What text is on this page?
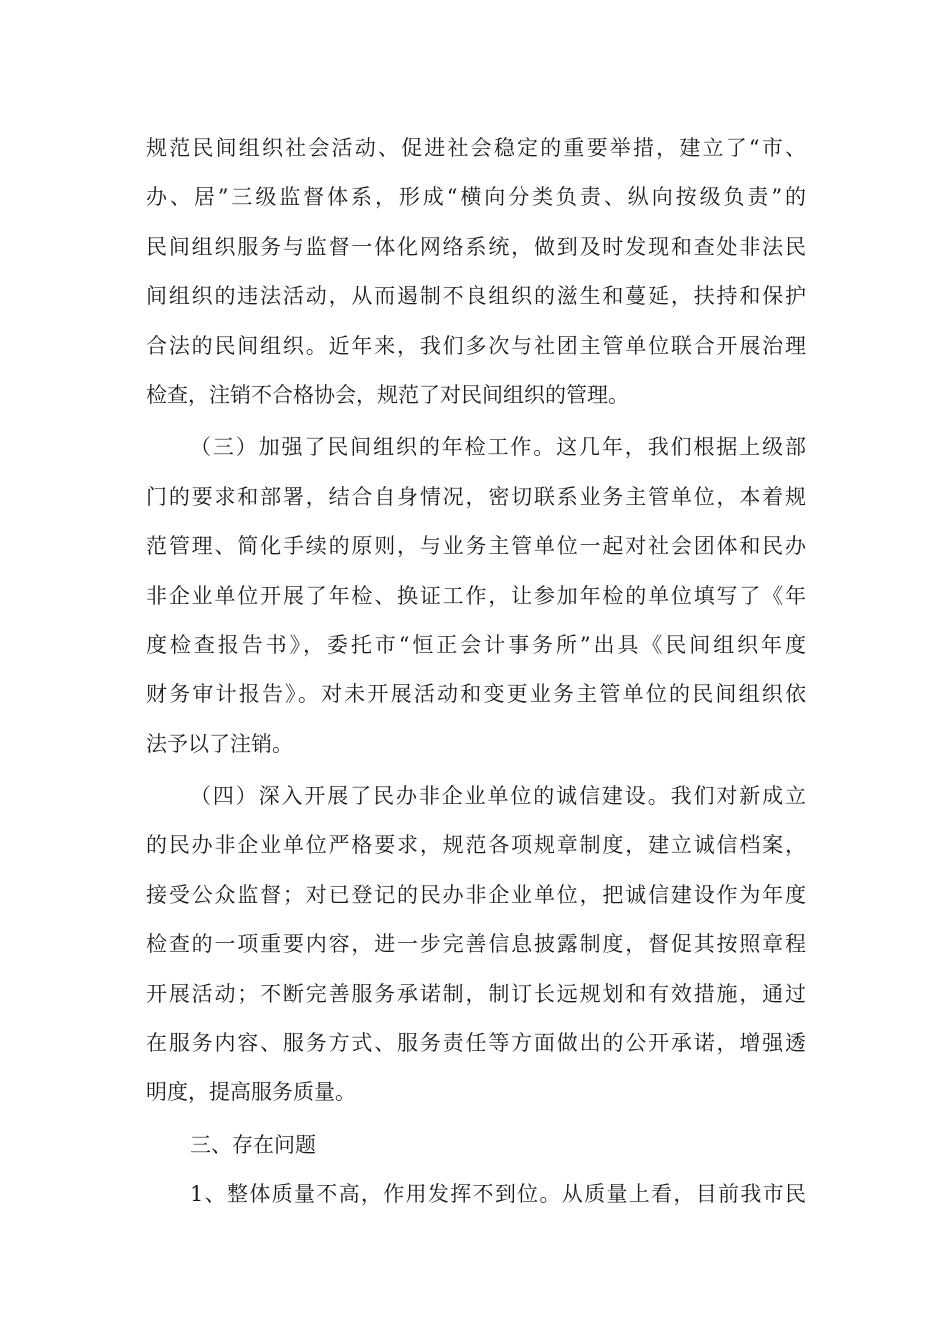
规范民间组织社会活动、促进社会稳定的重要举措，建立了“市、
办、居”三级监督体系，形成“横向分类负责、纵向按级负责”的
民间组织服务与监督一体化网络系统，做到及时发现和查处非法民
间组织的违法活动，从而遏制不良组织的滋生和蔓延，扶持和保护
合法的民间组织。近年来，我们多次与社团主管单位联合开展治理
检查，注销不合格协会，规范了对民间组织的管理。
（三）加强了民间组织的年检工作。这几年，我们根据上级部
门的要求和部署，结合自身情况，密切联系业务主管单位，本着规
范管理、简化手续的原则，与业务主管单位一起对社会团体和民办
非企业单位开展了年检、换证工作，让参加年检的单位填写了《年
度检查报告书》，委托市“恒正会计事务所”出具《民间组织年度
财务审计报告》。对未开展活动和变更业务主管单位的民间组织依
法予以了注销。
（四）深入开展了民办非企业单位的诚信建设。我们对新成立
的民办非企业单位严格要求，规范各项规章制度，建立诚信档案，
接受公众监督；对已登记的民办非企业单位，把诚信建设作为年度
检查的一项重要内容，进一步完善信息披露制度，督促其按照章程
开展活动；不断完善服务承诺制，制订长远规划和有效措施，通过
在服务内容、服务方式、服务责任等方面做出的公开承诺，增强透
明度，提高服务质量。
三、存在问题
1、整体质量不高，作用发挥不到位。从质量上看，目前我市民
